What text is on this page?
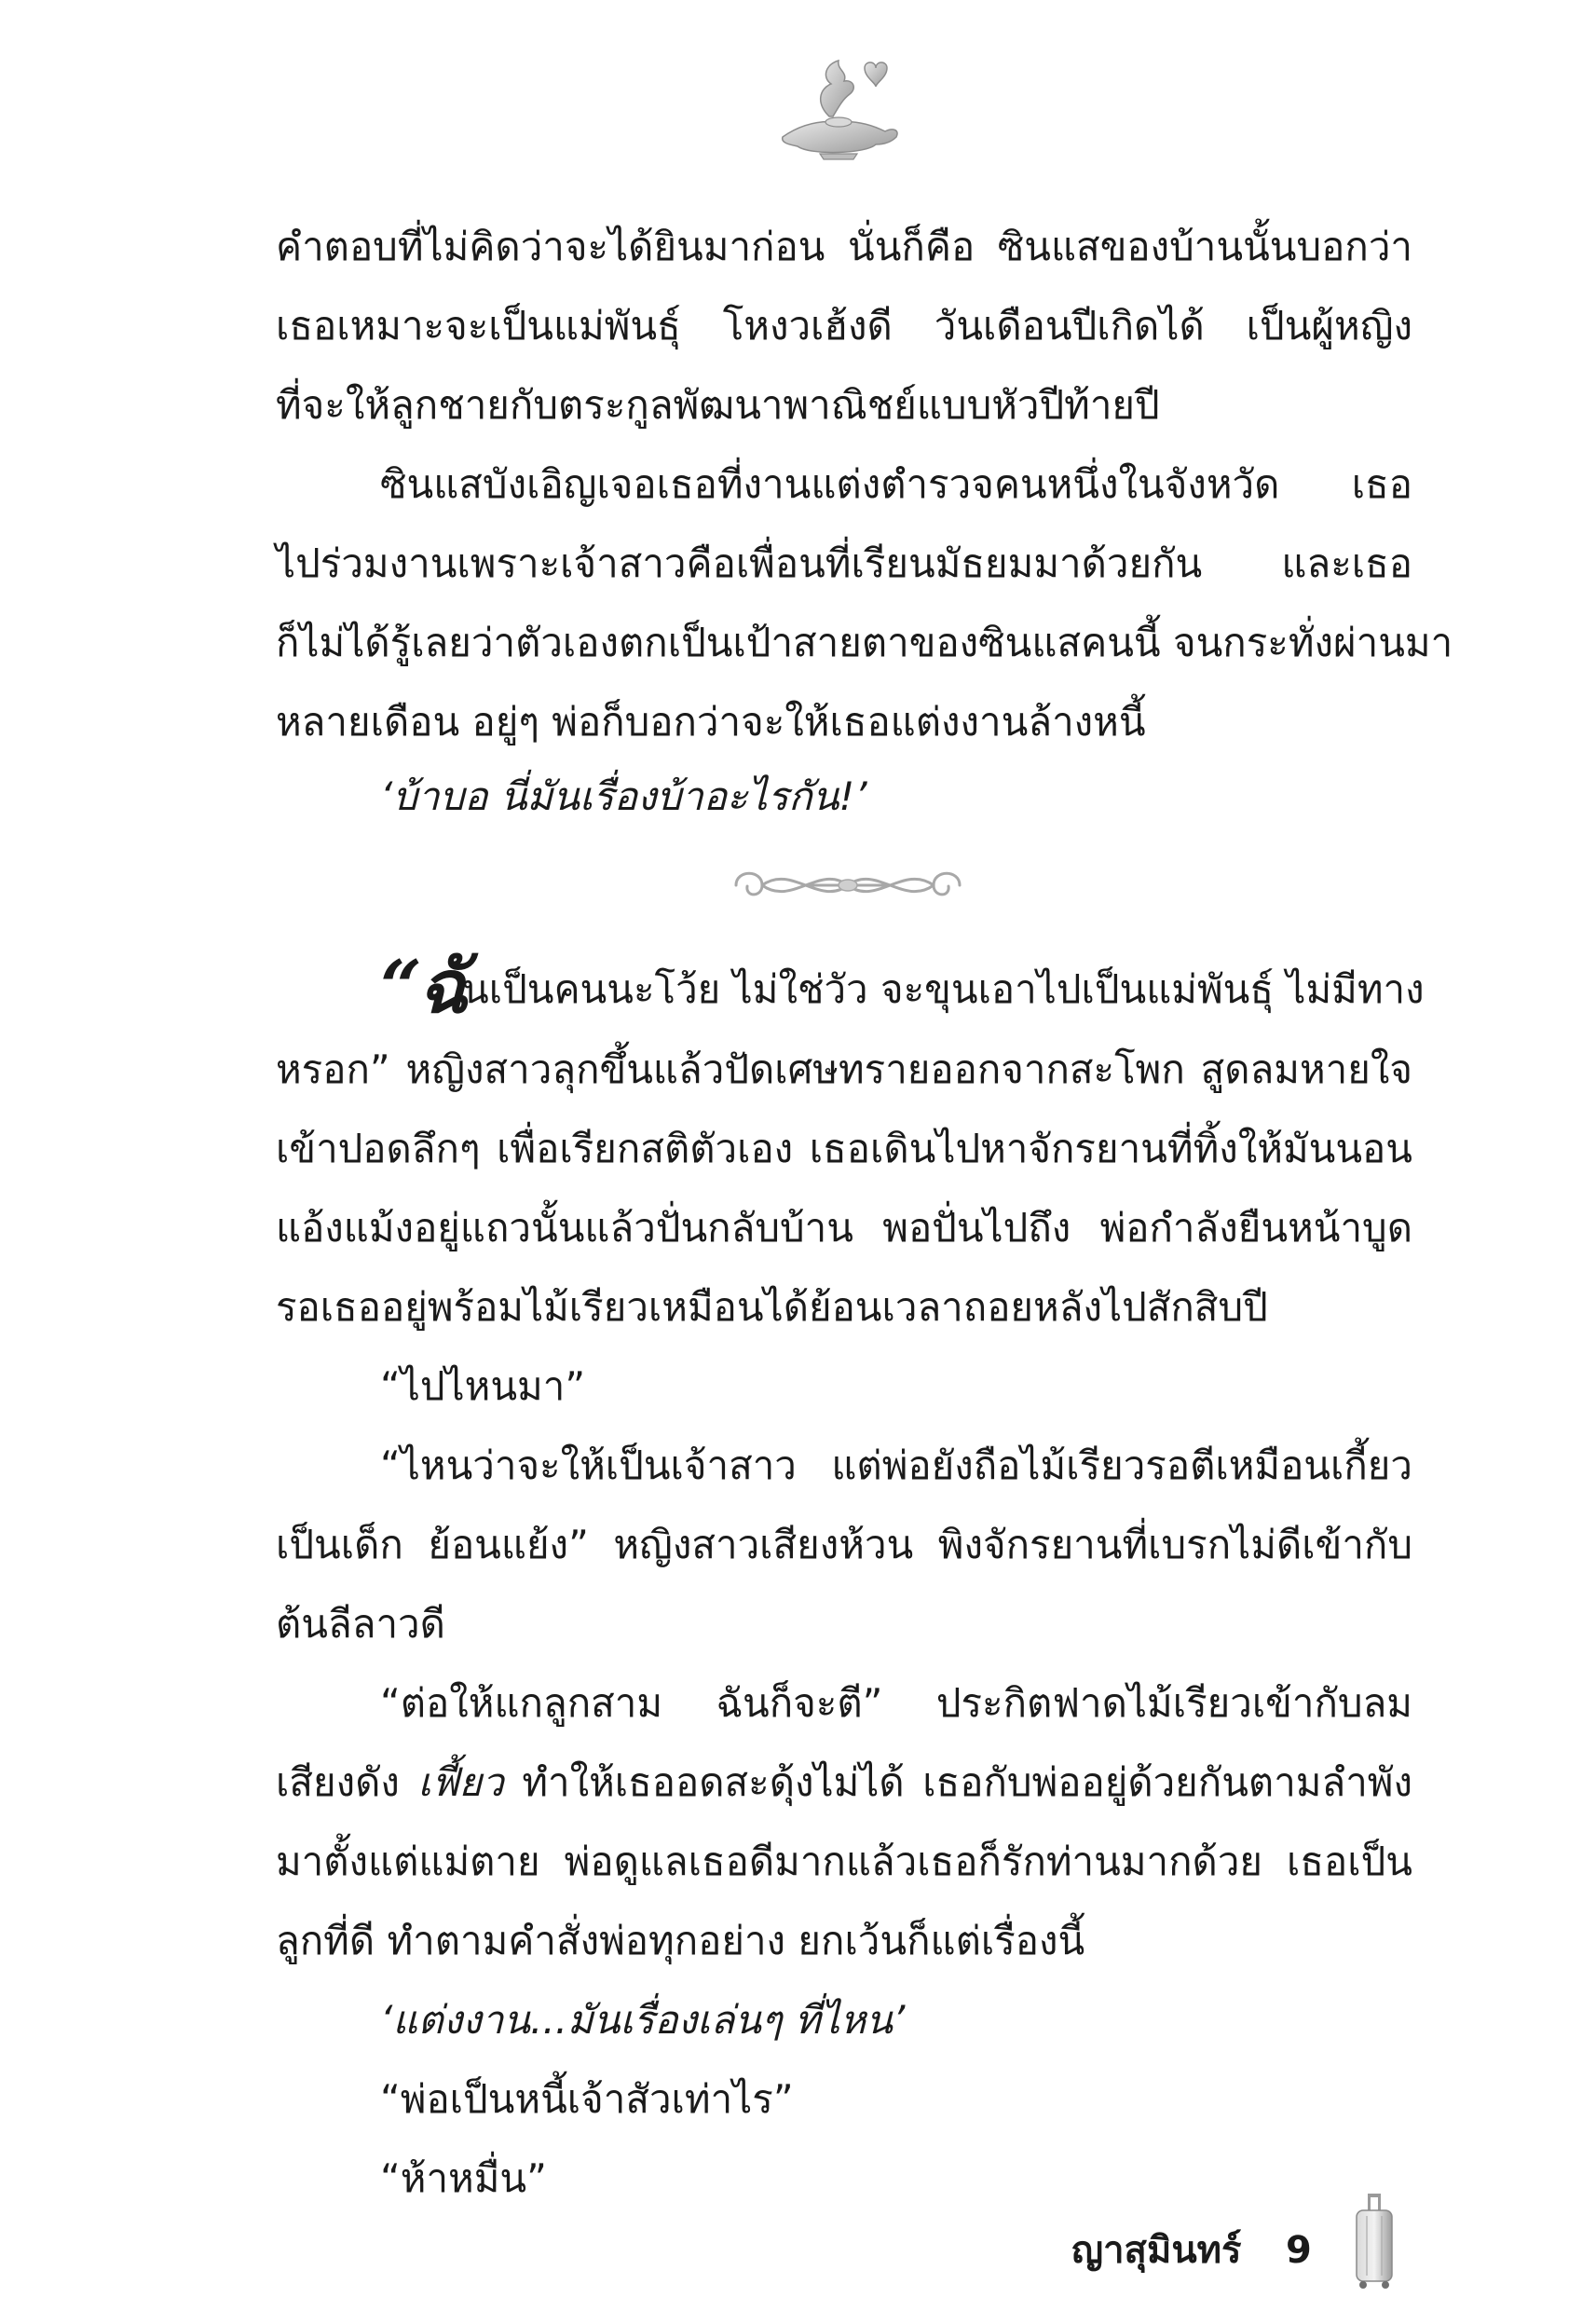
คำตอบที่ไม่คิดว่าจะได้ยินมาก่อน นั่นก็คือ ซินแสของบ้านนั้นบอกว่า
เธอเหมาะจะเป็นแม่พันธุ์ โหงวเฮ้งดี วันเดือนปีเกิดได้ เป็นผู้หญิง
ที่จะให้ลูกชายกับตระกูลพัฒนาพาณิชย์แบบหัวปีท้ายปี
ซินแสบังเอิญเจอเธอที่งานแต่งตำรวจคนหนึ่งในจังหวัด เธอ
ไปร่วมงานเพราะเจ้าสาวคือเพื่อนที่เรียนมัธยมมาด้วยกัน และเธอ
ก็ไม่ได้รู้เลยว่าตัวเองตกเป็นเป้าสายตาของซินแสคนนี้ จนกระทั่งผ่านมา
หลายเดือน อยู่ๆ พ่อก็บอกว่าจะให้เธอแต่งงานล้างหนี้
‘บ้าบอ นี่มันเรื่องบ้าอะไรกัน!’
“ฉันเป็นคนนะโว้ย ไม่ใช่วัว จะขุนเอาไปเป็นแม่พันธุ์ ไม่มีทาง
หรอก” หญิงสาวลุกขึ้นแล้วปัดเศษทรายออกจากสะโพก สูดลมหายใจ
เข้าปอดลึกๆ เพื่อเรียกสติตัวเอง เธอเดินไปหาจักรยานที่ทิ้งให้มันนอน
แอ้งแม้งอยู่แถวนั้นแล้วปั่นกลับบ้าน พอปั่นไปถึง พ่อกำลังยืนหน้าบูด
รอเธออยู่พร้อมไม้เรียวเหมือนได้ย้อนเวลาถอยหลังไปสักสิบปี
“ไปไหนมา”
“ไหนว่าจะให้เป็นเจ้าสาว แต่พ่อยังถือไม้เรียวรอตีเหมือนเกี้ยว
เป็นเด็ก ย้อนแย้ง” หญิงสาวเสียงห้วน พิงจักรยานที่เบรกไม่ดีเข้ากับ
ต้นลีลาวดี
“ต่อให้แกลูกสาม ฉันก็จะตี” ประกิตฟาดไม้เรียวเข้ากับลม
เสียงดัง เฟี้ยว ทำให้เธออดสะดุ้งไม่ได้ เธอกับพ่ออยู่ด้วยกันตามลำพัง
มาตั้งแต่แม่ตาย พ่อดูแลเธอดีมากแล้วเธอก็รักท่านมากด้วย เธอเป็น
ลูกที่ดี ทำตามคำสั่งพ่อทุกอย่าง ยกเว้นก็แต่เรื่องนี้
‘แต่งงาน...มันเรื่องเล่นๆ ที่ไหน’
“พ่อเป็นหนี้เจ้าสัวเท่าไร”
“ห้าหมื่น”
ญาสุมินทร์ 9
